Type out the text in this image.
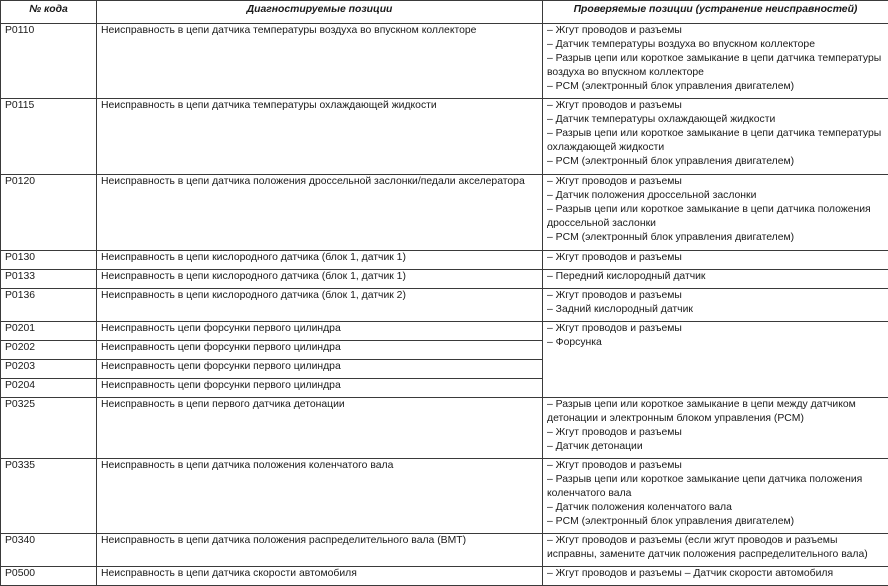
№ кода	Диагностируемые позиции	Проверяемые позиции (устранение неисправностей)
P0110	Неисправность в цепи датчика температуры воздуха во впускном коллекторе	– Жгут проводов и разъемы
– Датчик температуры воздуха во впускном коллекторе
– Разрыв цепи или короткое замыкание в цепи датчика температуры воздуха во впускном коллекторе
– PCM (электронный блок управления двигателем)

P0115	Неисправность в цепи датчика температуры охлаждающей жидкости	– Жгут проводов и разъемы
– Датчик температуры охлаждающей жидкости
– Разрыв цепи или короткое замыкание в цепи датчика температуры охлаждающей жидкости
– PCM (электронный блок управления двигателем)

P0120	Неисправность в цепи датчика положения дроссельной заслонки/педали акселератора	– Жгут проводов и разъемы
– Датчик положения дроссельной заслонки
– Разрыв цепи или короткое замыкание в цепи датчика положения дроссельной заслонки
– PCM (электронный блок управления двигателем)

P0130	Неисправность в цепи кислородного датчика (блок 1, датчик 1)	– Жгут проводов и разъемы

P0133	Неисправность в цепи кислородного датчика (блок 1, датчик 1)	– Передний кислородный датчик

P0136	Неисправность в цепи кислородного датчика (блок 1, датчик 2)	– Жгут проводов и разъемы
– Задний кислородный датчик

P0201	Неисправность цепи форсунки первого цилиндра	– Жгут проводов и разъемы
– Форсунка

P0202	Неисправность цепи форсунки первого цилиндра	
P0203	Неисправность цепи форсунки первого цилиндра	
P0204	Неисправность цепи форсунки первого цилиндра	
P0325	Неисправность в цепи первого датчика детонации	– Разрыв цепи или короткое замыкание в цепи между датчиком детонации и электронным блоком управления (PCM)
– Жгут проводов и разъемы
– Датчик детонации

P0335	Неисправность в цепи датчика положения коленчатого вала	– Жгут проводов и разъемы
– Разрыв цепи или короткое замыкание цепи датчика положения коленчатого вала
– Датчик положения коленчатого вала
– PCM (электронный блок управления двигателем)

P0340	Неисправность в цепи датчика положения распределительного вала (ВМТ)	– Жгут проводов и разъемы (если жгут проводов и разъемы исправны, замените датчик положения распределительного вала)

P0500	Неисправность в цепи датчика скорости автомобиля	– Жгут проводов и разъемы – Датчик скорости автомобиля
